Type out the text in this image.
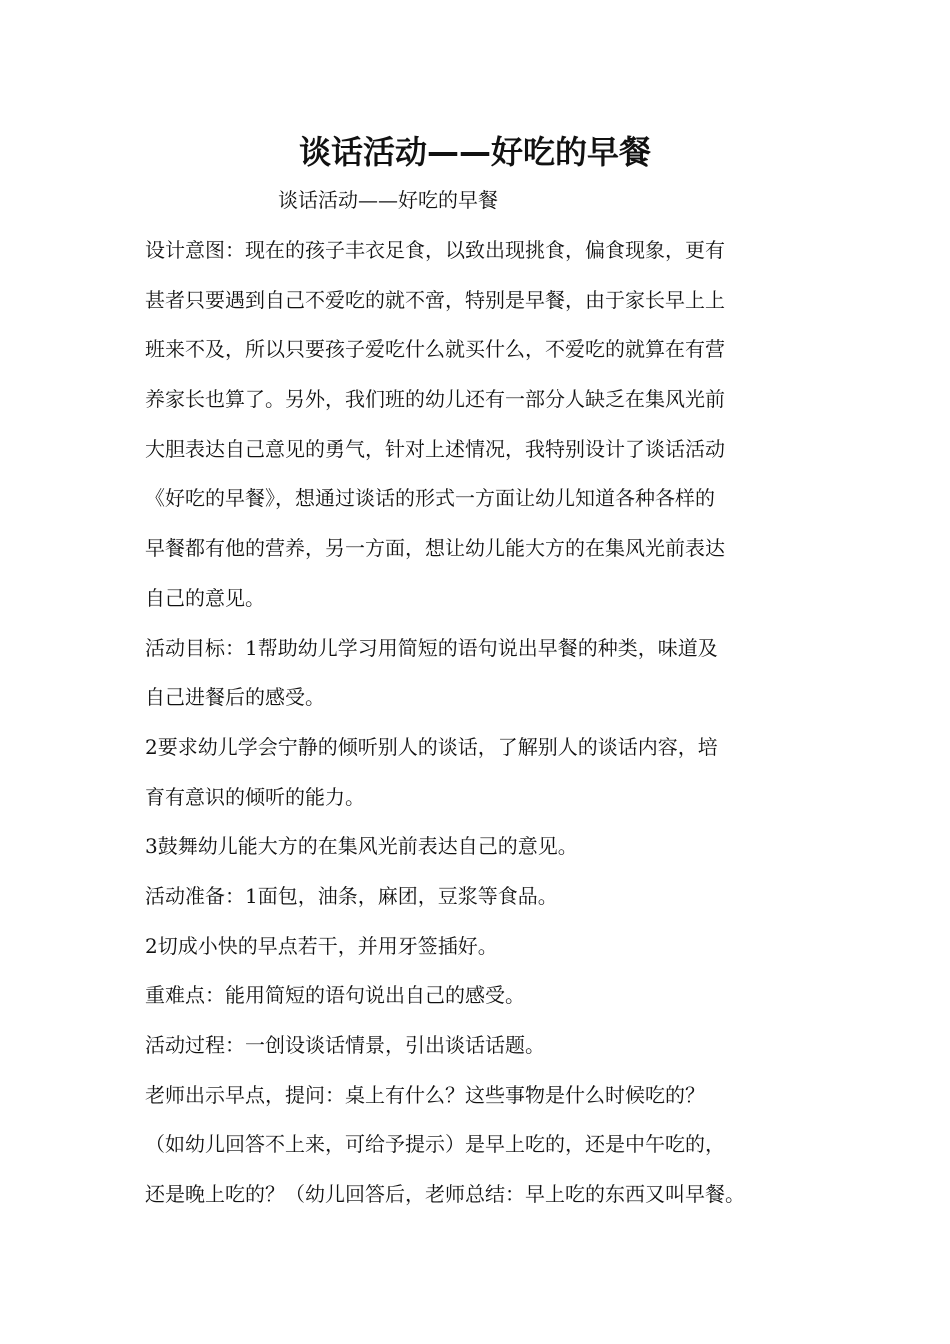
谈话活动——好吃的早餐
谈话活动——好吃的早餐
设计意图：现在的孩子丰衣足食，以致出现挑食，偏食现象，更有
甚者只要遇到自己不爱吃的就不啻，特别是早餐，由于家长早上上
班来不及，所以只要孩子爱吃什么就买什么，不爱吃的就算在有营
养家长也算了。另外，我们班的幼儿还有一部分人缺乏在集风光前
大胆表达自己意见的勇气，针对上述情况，我特别设计了谈话活动
《好吃的早餐》，想通过谈话的形式一方面让幼儿知道各种各样的
早餐都有他的营养，另一方面，想让幼儿能大方的在集风光前表达
自己的意见。
活动目标：1帮助幼儿学习用简短的语句说出早餐的种类，味道及
自己进餐后的感受。
2要求幼儿学会宁静的倾听别人的谈话，了解别人的谈话内容，培
育有意识的倾听的能力。
3鼓舞幼儿能大方的在集风光前表达自己的意见。
活动准备：1面包，油条，麻团，豆浆等食品。
2切成小快的早点若干，并用牙签插好。
重难点：能用简短的语句说出自己的感受。
活动过程：一创设谈话情景，引出谈话话题。
老师出示早点，提问：桌上有什么？这些事物是什么时候吃的？
（如幼儿回答不上来，可给予提示）是早上吃的，还是中午吃的，
还是晚上吃的？（幼儿回答后，老师总结：早上吃的东西又叫早餐。
